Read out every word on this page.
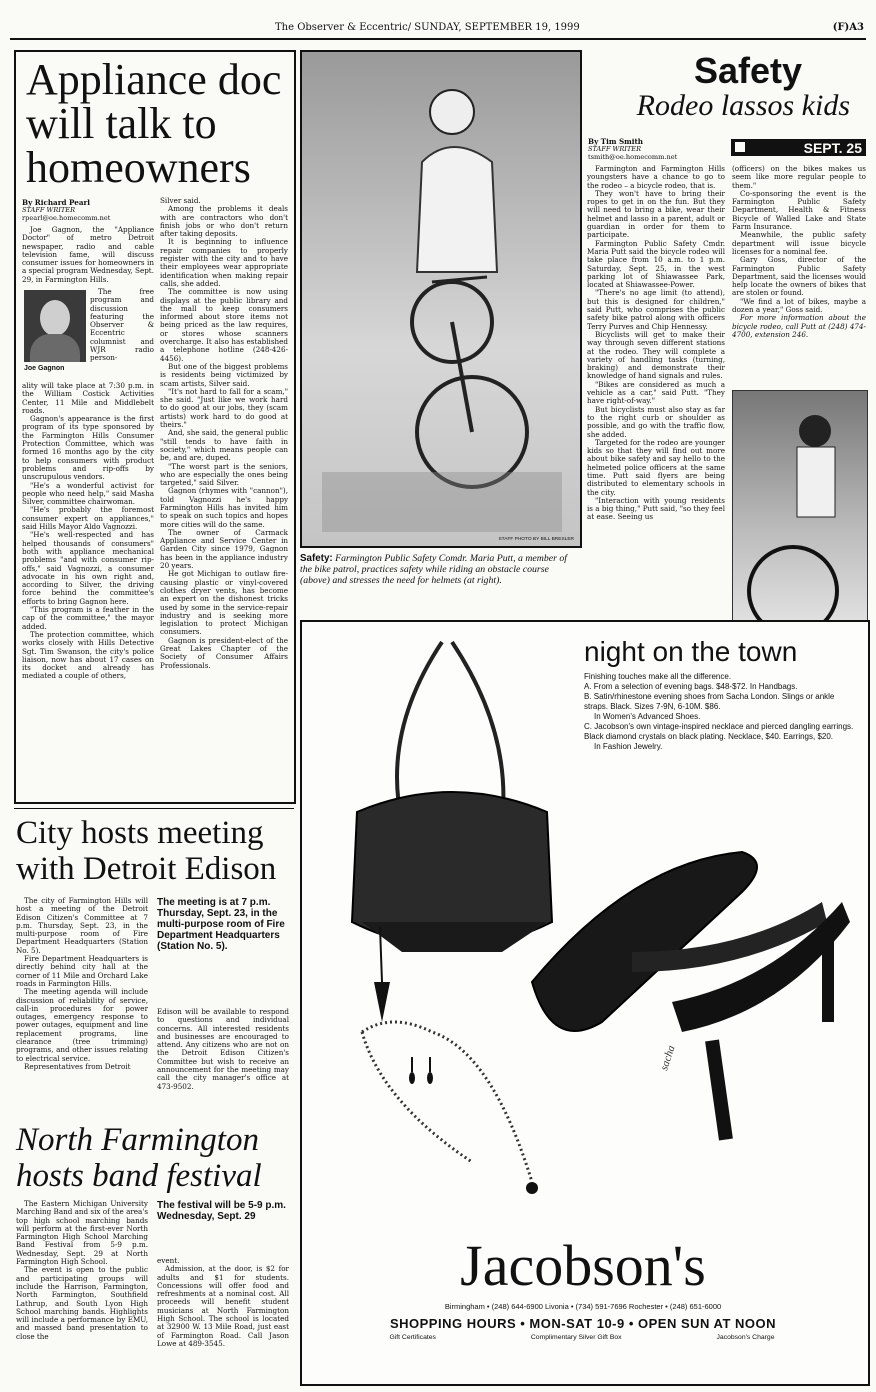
The Observer & Eccentric/ SUNDAY, SEPTEMBER 19, 1999	(F)A3
Appliance doc will talk to homeowners
By Richard Pearl
STAFF WRITER
rpearl@oe.homecomm.net

Joe Gagnon, the "Appliance Doctor" of metro Detroit newspaper, radio and cable television fame, will discuss consumer issues for homeowners in a special program Wednesday, Sept. 29, in Farmington Hills.

Joe Gagnon

The free program and discussion featuring the Observer & Eccentric columnist and WJR radio person-

ality will take place at 7:30 p.m. in the William Costick Activities Center, 11 Mile and Middlebelt roads.

Gagnon's appearance is the first program of its type sponsored by the Farmington Hills Consumer Protection Committee, which was formed 16 months ago by the city to help consumers with product problems and rip-offs by unscrupulous vendors.

"He's a wonderful activist for people who need help," said Masha Silver, committee chairwoman.

"He's probably the foremost consumer expert on appliances," said Hills Mayor Aldo Vagnozzi.

"He's well-respected and has helped thousands of consumers" both with appliance mechanical problems "and with consumer rip-offs," said Vagnozzi, a consumer advocate in his own right and, according to Silver, the driving force behind the committee's efforts to bring Gagnon here.

"This program is a feather in the cap of the committee," the mayor added.

The protection committee, which works closely with Hills Detective Sgt. Tim Swanson, the city's police liaison, now has about 17 cases on its docket and already has mediated a couple of others,

Silver said.

Among the problems it deals with are contractors who don't finish jobs or who don't return after taking deposits.

It is beginning to influence repair companies to properly register with the city and to have their employees wear appropriate identification when making repair calls, she added.

The committee is now using displays at the public library and the mall to keep consumers informed about store items not being priced as the law requires, or stores whose scanners overcharge. It also has established a telephone hotline (248-426-4456).

But one of the biggest problems is residents being victimized by scam artists, Silver said.

"It's not hard to fall for a scam," she said. "Just like we work hard to do good at our jobs, they (scam artists) work hard to do good at theirs."

And, she said, the general public "still tends to have faith in society," which means people can be, and are, duped.

"The worst part is the seniors, who are especially the ones being targeted," said Silver.

Gagnon (rhymes with "cannon"), told Vagnozzi he's happy Farmington Hills has invited him to speak on such topics and hopes more cities will do the same.

The owner of Carmack Appliance and Service Center in Garden City since 1979, Gagnon has been in the appliance industry 20 years.

He got Michigan to outlaw fire-causing plastic or vinyl-covered clothes dryer vents, has become an expert on the dishonest tricks used by some in the service-repair industry and is seeking more legislation to protect Michigan consumers.

Gagnon is president-elect of the Great Lakes Chapter of the Society of Consumer Affairs Professionals.

STAFF PHOTO BY BILL BRESLER
Safety: Farmington Public Safety Comdr. Maria Putt, a member of the bike patrol, practices safety while riding an obstacle course (above) and stresses the need for helmets (at right).
Safety
Rodeo lassos kids
By Tim Smith
STAFF WRITER
tsmith@oe.homecomm.net
SEPT. 25

Farmington and Farmington Hills youngsters have a chance to go to the rodeo – a bicycle rodeo, that is.

They won't have to bring their ropes to get in on the fun. But they will need to bring a bike, wear their helmet and lasso in a parent, adult or guardian in order for them to participate.

Farmington Public Safety Cmdr. Maria Putt said the bicycle rodeo will take place from 10 a.m. to 1 p.m. Saturday, Sept. 25, in the west parking lot of Shiawassee Park, located at Shiawassee-Power.

"There's no age limit (to attend), but this is designed for children," said Putt, who comprises the public safety bike patrol along with officers Terry Purves and Chip Hennessy.

Bicyclists will get to make their way through seven different stations at the rodeo. They will complete a variety of handling tasks (turning, braking) and demonstrate their knowledge of hand signals and rules.

"Bikes are considered as much a vehicle as a car," said Putt. "They have right-of-way."

But bicyclists must also stay as far to the right curb or shoulder as possible, and go with the traffic flow, she added.

Targeted for the rodeo are younger kids so that they will find out more about bike safety and say hello to the helmeted police officers at the same time. Putt said flyers are being distributed to elementary schools in the city.

"Interaction with young residents is a big thing," Putt said, "so they feel at ease. Seeing us

(officers) on the bikes makes us seem like more regular people to them."

Co-sponsoring the event is the Farmington Public Safety Department, Health & Fitness Bicycle of Walled Lake and State Farm Insurance.

Meanwhile, the public safety department will issue bicycle licenses for a nominal fee.

Gary Goss, director of the Farmington Public Safety Department, said the licenses would help locate the owners of bikes that are stolen or found.

"We find a lot of bikes, maybe a dozen a year," Goss said.

For more information about the bicycle rodeo, call Putt at (248) 474-4700, extension 246.

City hosts meeting with Detroit Edison

The city of Farmington Hills will host a meeting of the Detroit Edison Citizen's Committee at 7 p.m. Thursday, Sept. 23, in the multi-purpose room of Fire Department Headquarters (Station No. 5).

Fire Department Headquarters is directly behind city hall at the corner of 11 Mile and Orchard Lake roads in Farmington Hills.

The meeting agenda will include discussion of reliability of service, call-in procedures for power outages, emergency response to power outages, equipment and line replacement programs, line clearance (tree trimming) programs, and other issues relating to electrical service.

Representatives from Detroit

The meeting is at 7 p.m. Thursday, Sept. 23, in the multi-purpose room of Fire Department Headquarters (Station No. 5).

Edison will be available to respond to questions and individual concerns. All interested residents and businesses are encouraged to attend. Any citizens who are not on the Detroit Edison Citizen's Committee but wish to receive an announcement for the meeting may call the city manager's office at 473-9502.

North Farmington hosts band festival

The Eastern Michigan University Marching Band and six of the area's top high school marching bands will perform at the first-ever North Farmington High School Marching Band Festival from 5-9 p.m. Wednesday, Sept. 29 at North Farmington High School.

The event is open to the public and participating groups will include the Harrison, Farmington, North Farmington, Southfield Lathrup, and South Lyon High School marching bands. Highlights will include a performance by EMU, and massed band presentation to close the

The festival will be 5-9 p.m. Wednesday, Sept. 29

event.

Admission, at the door, is $2 for adults and $1 for students. Concessions will offer food and refreshments at a nominal cost. All proceeds will benefit student musicians at North Farmington High School. The school is located at 32900 W. 13 Mile Road, just east of Farmington Road. Call Jason Lowe at 489-3545.

night on the town
Finishing touches make all the difference.
A. From a selection of evening bags. $48-$72. In Handbags.
B. Satin/rhinestone evening shoes from Sacha London. Slings or ankle straps. Black. Sizes 7-9N, 6-10M. $86.
In Women's Advanced Shoes.
C. Jacobson's own vintage-inspired necklace and pierced dangling earrings. Black diamond crystals on black plating. Necklace, $40. Earrings, $20.
In Fashion Jewelry.
sacha
Jacobson's
Birmingham • (248) 644-6900 Livonia • (734) 591-7696 Rochester • (248) 651-6000
SHOPPING HOURS • MON-SAT 10-9 • OPEN SUN AT NOON
Gift Certificates	Complimentary Silver Gift Box	Jacobson's Charge
